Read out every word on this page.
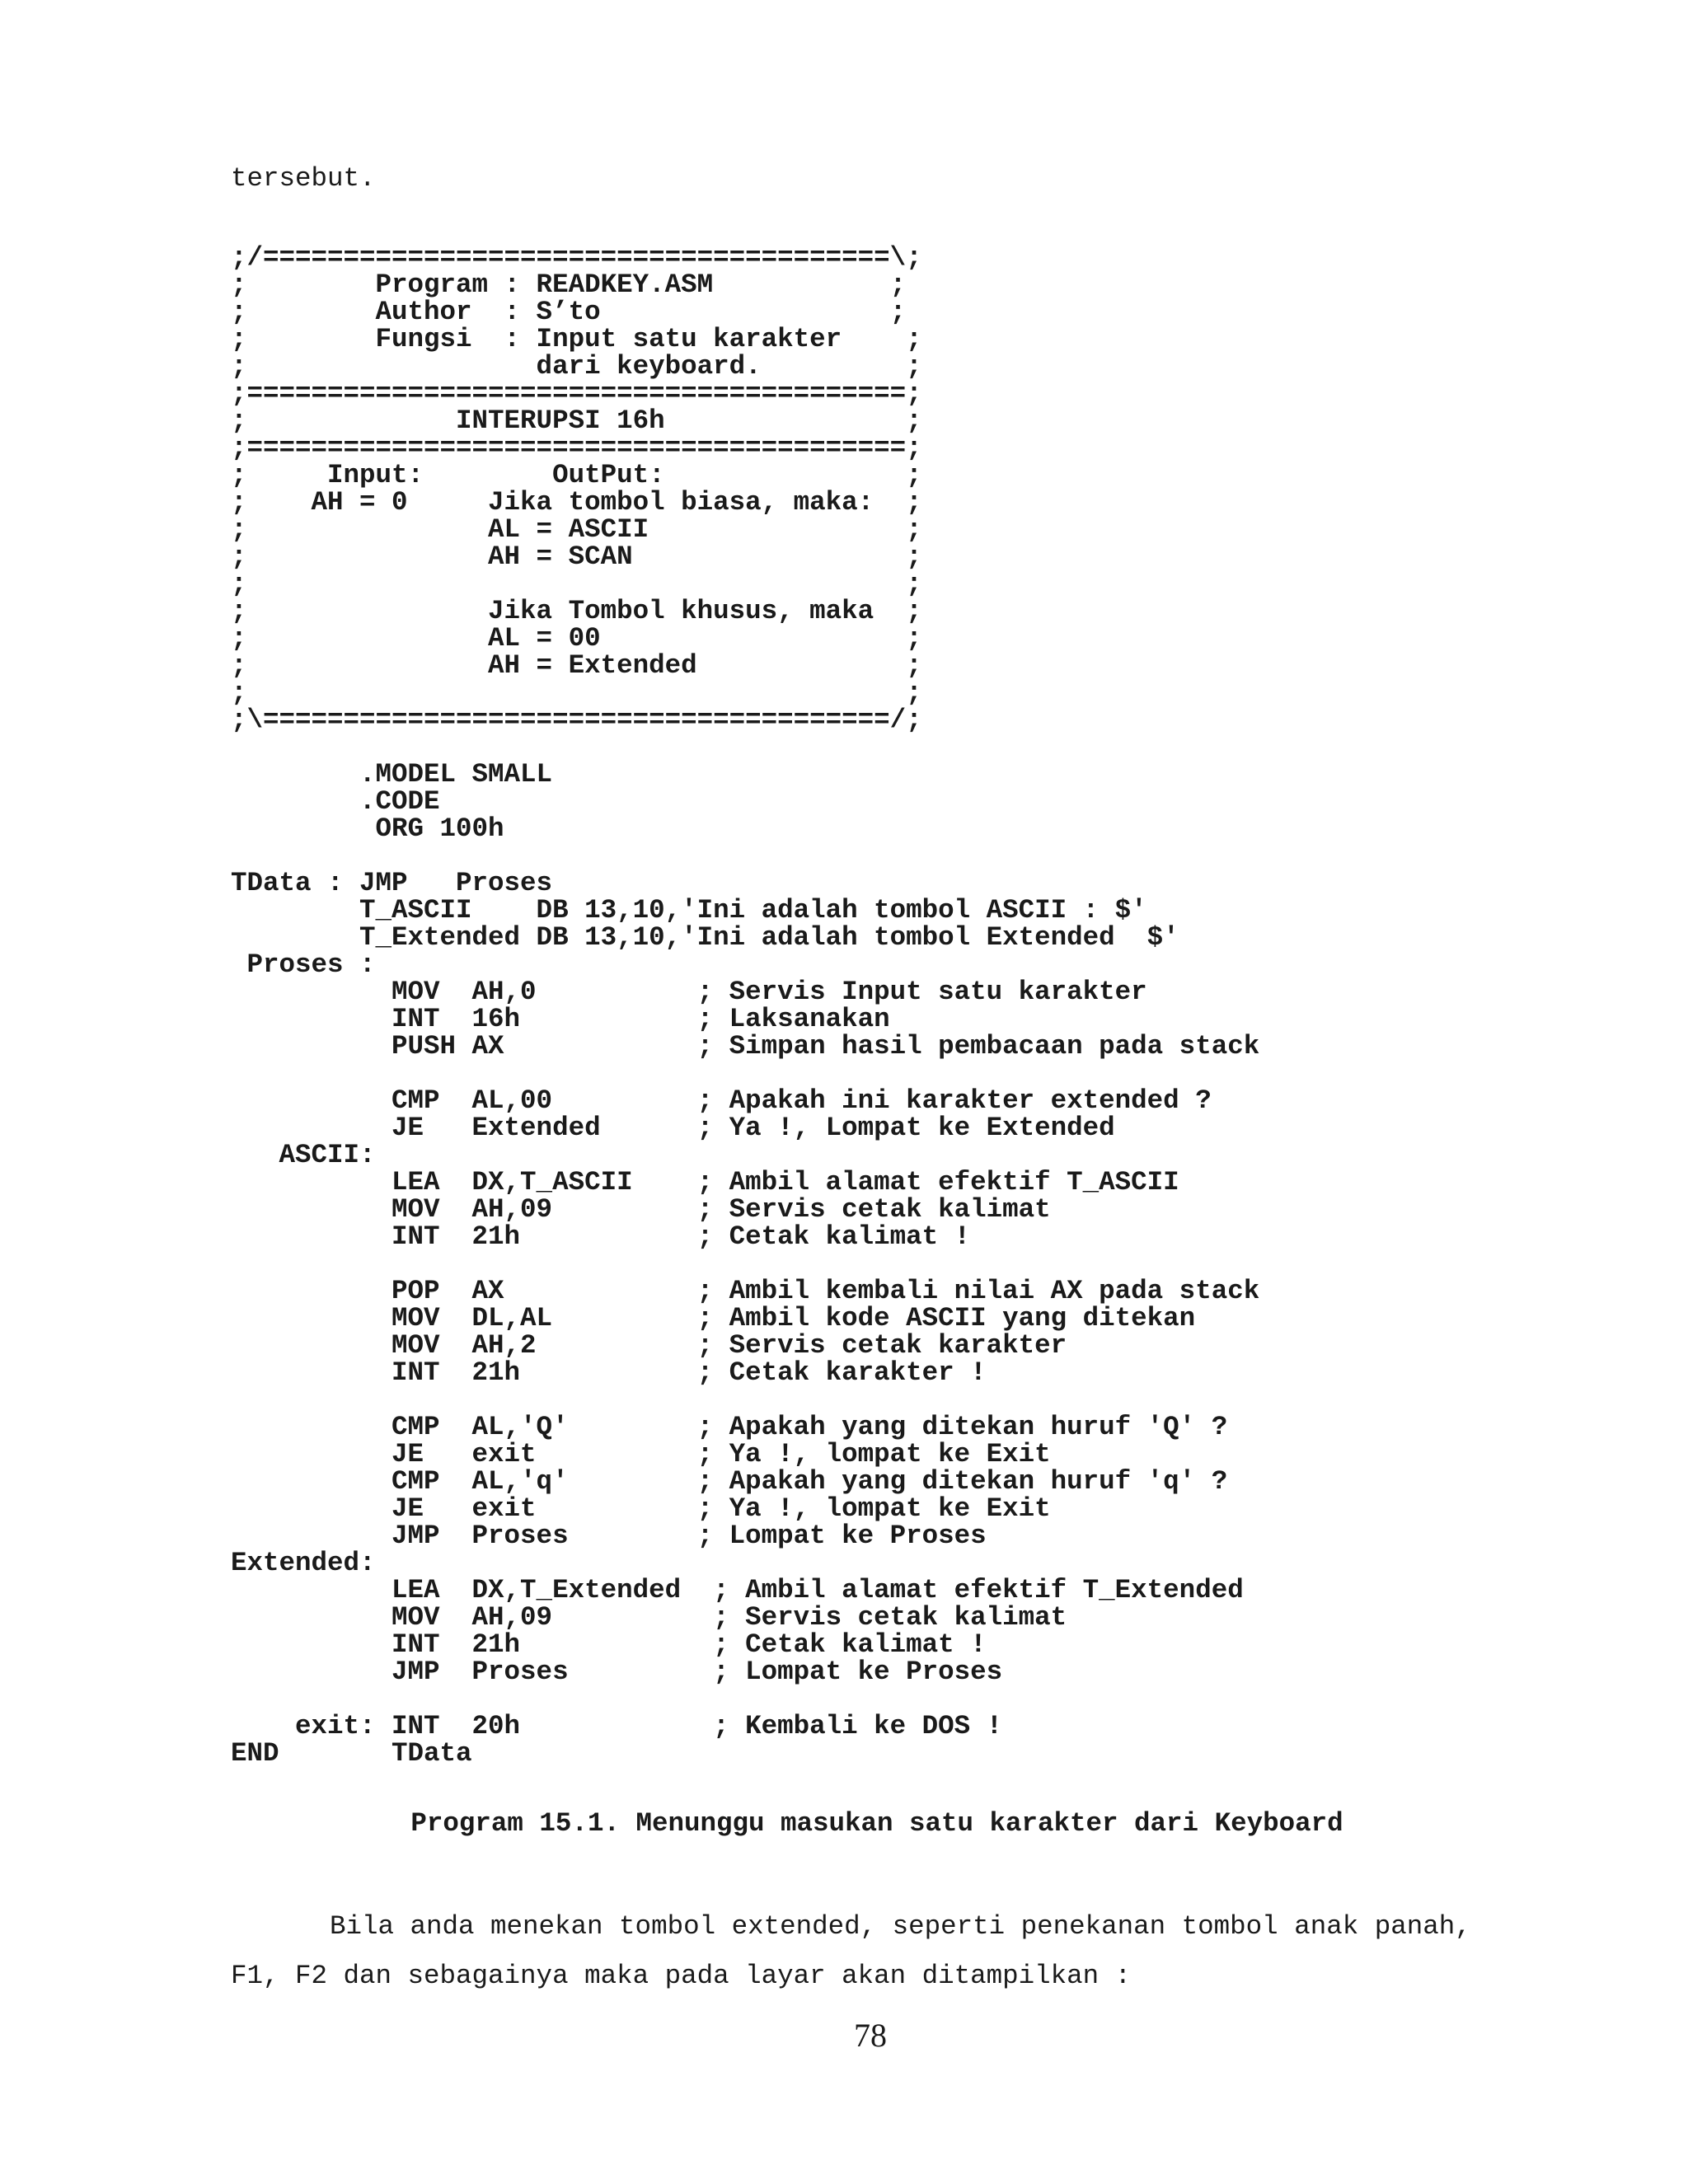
tersebut.
;/=======================================\;
;        Program : READKEY.ASM           ;
;        Author  : S’to                  ;
;        Fungsi  : Input satu karakter    ;
;                  dari keyboard.         ;
;=========================================;
;             INTERUPSI 16h               ;
;=========================================;
;     Input:        OutPut:               ;
;    AH = 0     Jika tombol biasa, maka:  ;
;               AL = ASCII                ;
;               AH = SCAN                 ;
;                                         ;
;               Jika Tombol khusus, maka  ;
;               AL = 00                   ;
;               AH = Extended             ;
;                                         ;
;\=======================================/;
.MODEL SMALL
.CODE
ORG 100h
TData : JMP   Proses
T_ASCII    DB 13,10,'Ini adalah tombol ASCII : $'
T_Extended DB 13,10,'Ini adalah tombol Extended  $'
Proses :
MOV  AH,0          ; Servis Input satu karakter
INT  16h           ; Laksanakan
PUSH AX            ; Simpan hasil pembacaan pada stack
CMP  AL,00         ; Apakah ini karakter extended ?
JE   Extended      ; Ya !, Lompat ke Extended
ASCII:
LEA  DX,T_ASCII    ; Ambil alamat efektif T_ASCII
MOV  AH,09         ; Servis cetak kalimat
INT  21h           ; Cetak kalimat !
POP  AX            ; Ambil kembali nilai AX pada stack
MOV  DL,AL         ; Ambil kode ASCII yang ditekan
MOV  AH,2          ; Servis cetak karakter
INT  21h           ; Cetak karakter !
CMP  AL,'Q'        ; Apakah yang ditekan huruf 'Q' ?
JE   exit          ; Ya !, lompat ke Exit
CMP  AL,'q'        ; Apakah yang ditekan huruf 'q' ?
JE   exit          ; Ya !, lompat ke Exit
JMP  Proses        ; Lompat ke Proses
Extended:
LEA  DX,T_Extended  ; Ambil alamat efektif T_Extended
MOV  AH,09          ; Servis cetak kalimat
INT  21h            ; Cetak kalimat !
JMP  Proses         ; Lompat ke Proses
exit: INT  20h            ; Kembali ke DOS !
END       TData
Program 15.1. Menunggu masukan satu karakter dari Keyboard
Bila anda menekan tombol extended, seperti penekanan tombol anak panah,
F1, F2 dan sebagainya maka pada layar akan ditampilkan :
78
